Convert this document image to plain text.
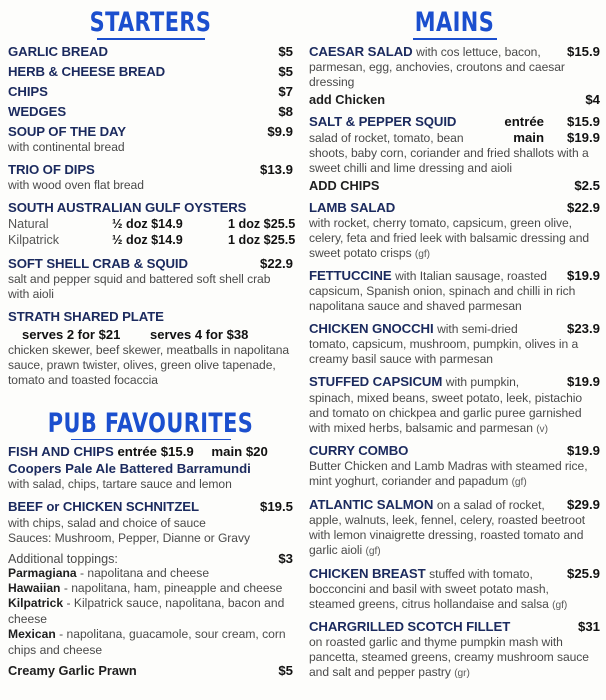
STARTERS
GARLIC BREAD	$5
HERB & CHEESE BREAD	$5
CHIPS	$7
WEDGES	$8
SOUP OF THE DAY	$9.9
with continental bread
TRIO OF DIPS	$13.9
with wood oven flat bread
SOUTH AUSTRALIAN GULF OYSTERS
Natural	½ doz $14.9	1 doz $25.5
Kilpatrick	½ doz $14.9	1 doz $25.5
SOFT SHELL CRAB & SQUID	$22.9
salt and pepper squid and battered soft shell crab with aioli
STRATH SHARED PLATE
serves 2 for $21	serves 4 for $38
chicken skewer, beef skewer, meatballs in napolitana sauce, prawn twister, olives, green olive tapenade, tomato and toasted focaccia
PUB FAVOURITES
FISH AND CHIPS entrée $15.9 main $20
Coopers Pale Ale Battered Barramundi
with salad, chips, tartare sauce and lemon
BEEF or CHICKEN SCHNITZEL	$19.5
with chips, salad and choice of sauce
Sauces: Mushroom, Pepper, Dianne or Gravy
Additional toppings:	$3
Parmagiana - napolitana and cheese
Hawaiian - napolitana, ham, pineapple and cheese
Kilpatrick - Kilpatrick sauce, napolitana, bacon and cheese
Mexican - napolitana, guacamole, sour cream, corn chips and cheese
Creamy Garlic Prawn	$5
MAINS
CAESAR SALAD with cos lettuce, bacon,	$15.9
parmesan, egg, anchovies, croutons and caesar dressing
add Chicken	$4
SALT & PEPPER SQUID	entrée	$15.9
salad of rocket, tomato, bean	main	$19.9
shoots, baby corn, coriander and fried shallots with a sweet chilli and lime dressing and aioli
ADD CHIPS	$2.5
LAMB SALAD	$22.9
with rocket, cherry tomato, capsicum, green olive, celery, feta and fried leek with balsamic dressing and sweet potato crisps (gf)
FETTUCCINE with Italian sausage, roasted	$19.9
capsicum, Spanish onion, spinach and chilli in rich napolitana sauce and shaved parmesan
CHICKEN GNOCCHI with semi-dried	$23.9
tomato, capsicum, mushroom, pumpkin, olives in a creamy basil sauce with parmesan
STUFFED CAPSICUM with pumpkin,	$19.9
spinach, mixed beans, sweet potato, leek, pistachio and tomato on chickpea and garlic puree garnished with mixed herbs, balsamic and parmesan (v)
CURRY COMBO	$19.9
Butter Chicken and Lamb Madras with steamed rice, mint yoghurt, coriander and papadum (gf)
ATLANTIC SALMON on a salad of rocket,	$29.9
apple, walnuts, leek, fennel, celery, roasted beetroot with lemon vinaigrette dressing, roasted tomato and garlic aioli (gf)
CHICKEN BREAST stuffed with tomato,	$25.9
bocconcini and basil with sweet potato mash, steamed greens, citrus hollandaise and salsa (gf)
CHARGRILLED SCOTCH FILLET	$31
on roasted garlic and thyme pumpkin mash with pancetta, steamed greens, creamy mushroom sauce and salt and pepper pastry (gr)
